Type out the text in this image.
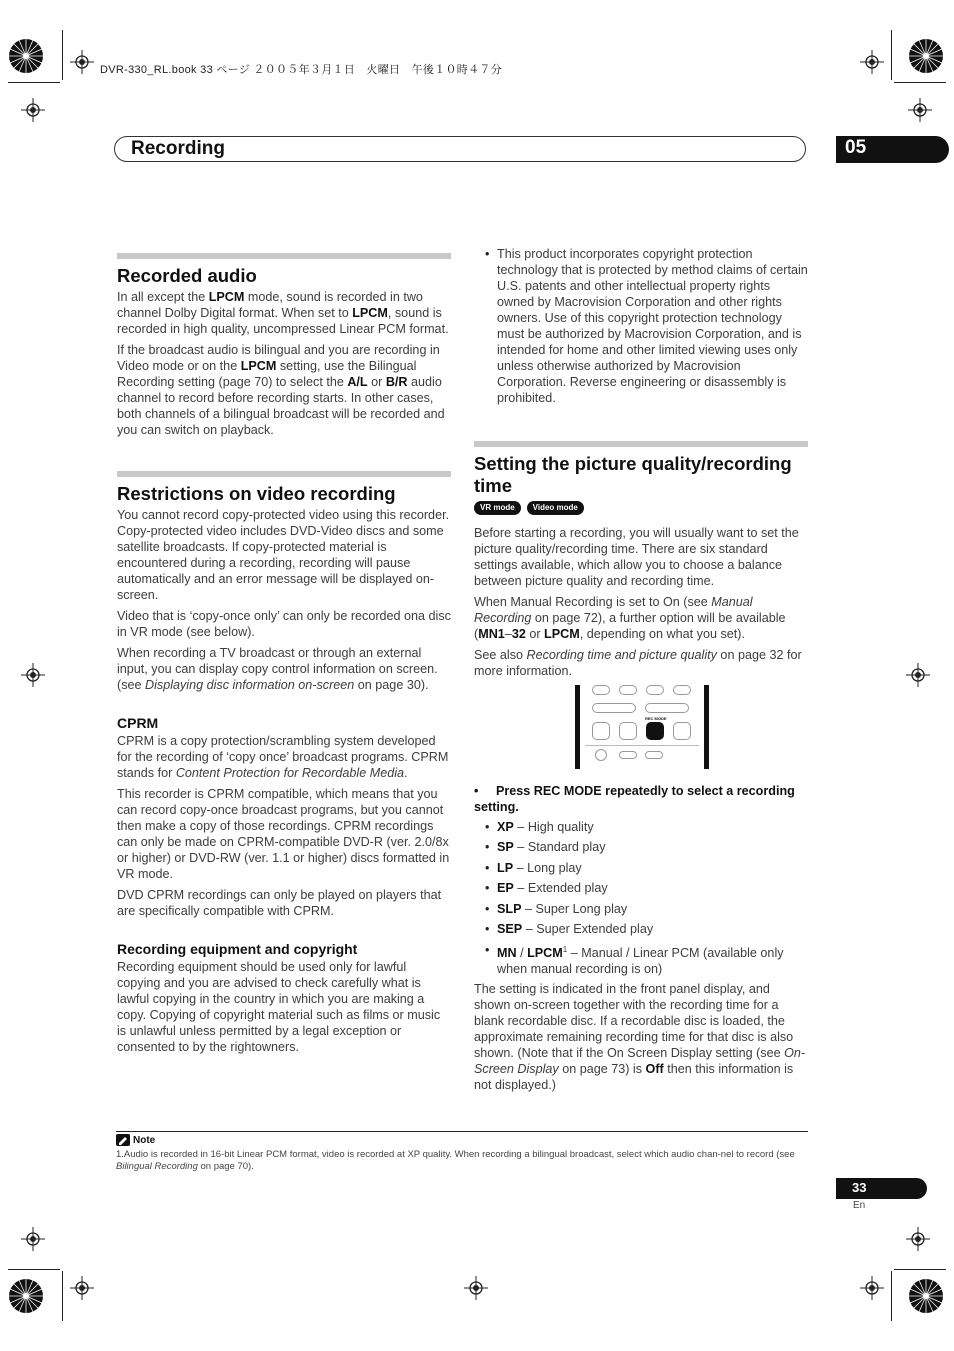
DVR-330_RL.book 33 ページ ２００５年３月１日　火曜日　午後１０時４７分
Recording	05
Recorded audio

In all except the LPCM mode, sound is recorded in two channel Dolby Digital format. When set to LPCM, sound is recorded in high quality, uncompressed Linear PCM format.

If the broadcast audio is bilingual and you are recording in Video mode or on the LPCM setting, use the Bilingual Recording setting (page 70) to select the A/L or B/R audio channel to record before recording starts. In other cases, both channels of a bilingual broadcast will be recorded and you can switch on playback.

Restrictions on video recording

You cannot record copy-protected video using this recorder. Copy-protected video includes DVD-Video discs and some satellite broadcasts. If copy-protected material is encountered during a recording, recording will pause automatically and an error message will be displayed on-screen.

Video that is ‘copy-once only’ can only be recorded ona disc in VR mode (see below).

When recording a TV broadcast or through an external input, you can display copy control information on screen. (see Displaying disc information on-screen on page 30).

CPRM

CPRM is a copy protection/scrambling system developed for the recording of ‘copy once’ broadcast programs. CPRM stands for Content Protection for Recordable Media.

This recorder is CPRM compatible, which means that you can record copy-once broadcast programs, but you cannot then make a copy of those recordings. CPRM recordings can only be made on CPRM-compatible DVD-R (ver. 2.0/8x or higher) or DVD-RW (ver. 1.1 or higher) discs formatted in VR mode.

DVD CPRM recordings can only be played on players that are specifically compatible with CPRM.

Recording equipment and copyright

Recording equipment should be used only for lawful copying and you are advised to check carefully what is lawful copying in the country in which you are making a copy. Copying of copyright material such as films or music is unlawful unless permitted by a legal exception or consented to by the rightowners.

• This product incorporates copyright protection technology that is protected by method claims of certain U.S. patents and other intellectual property rights owned by Macrovision Corporation and other rights owners. Use of this copyright protection technology must be authorized by Macrovision Corporation, and is intended for home and other limited viewing uses only unless otherwise authorized by Macrovision Corporation. Reverse engineering or disassembly is prohibited.
Setting the picture quality/recording time
VR mode	Video mode

Before starting a recording, you will usually want to set the picture quality/recording time. There are six standard settings available, which allow you to choose a balance between picture quality and recording time.

When Manual Recording is set to On (see Manual Recording on page 72), a further option will be available (MN1–32 or LPCM, depending on what you set).

See also Recording time and picture quality on page 32 for more information.

REC MODE
• Press REC MODE repeatedly to select a recording setting.
• XP – High quality
• SP – Standard play
• LP – Long play
• EP – Extended play
• SLP – Super Long play
• SEP – Super Extended play
• MN / LPCM$^1$ – Manual / Linear PCM (available only when manual recording is on)

The setting is indicated in the front panel display, and shown on-screen together with the recording time for a blank recordable disc. If a recordable disc is loaded, the approximate remaining recording time for that disc is also shown. (Note that if the On Screen Display setting (see On-Screen Display on page 73) is Off then this information is not displayed.)

Note
1.Audio is recorded in 16-bit Linear PCM format, video is recorded at XP quality. When recording a bilingual broadcast, select which audio chan-nel to record (see Bilingual Recording on page 70).
33
En
